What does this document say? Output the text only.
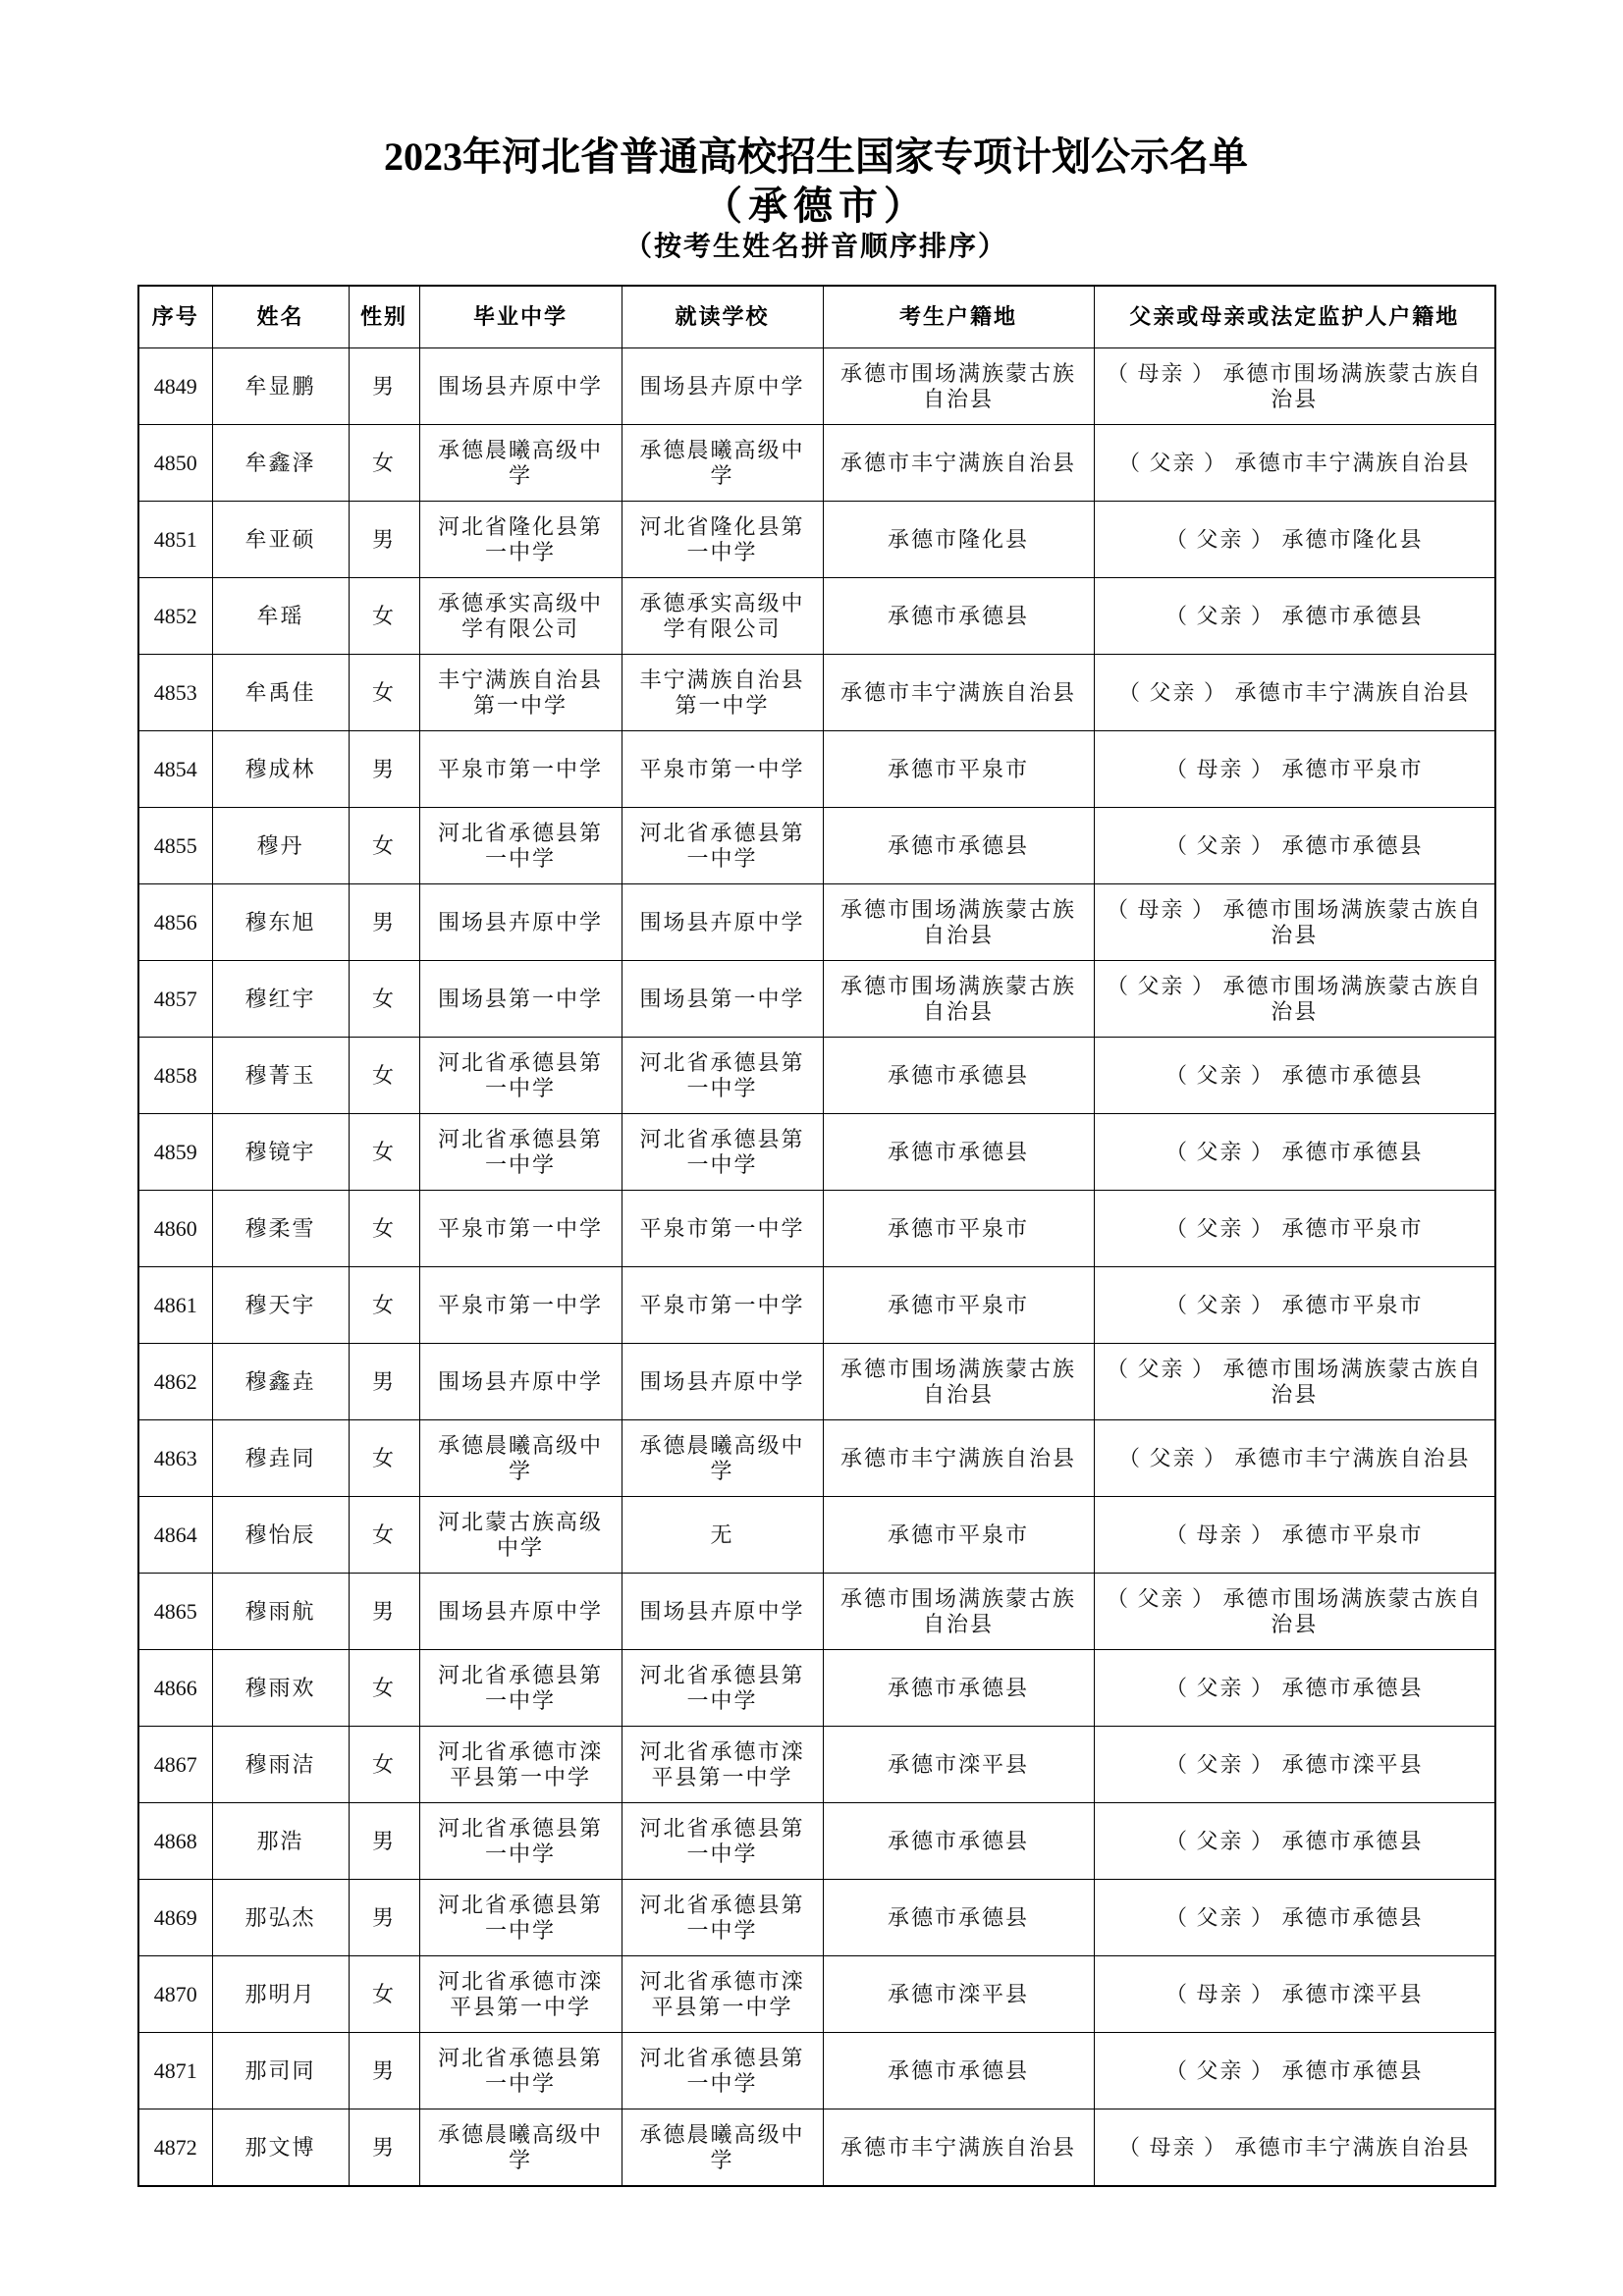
2023年河北省普通高校招生国家专项计划公示名单
（承德市）
（按考生姓名拼音顺序排序）
序号	姓名	性别	毕业中学	就读学校	考生户籍地	父亲或母亲或法定监护人户籍地
4849	牟显鹏	男	围场县卉原中学	围场县卉原中学	承德市围场满族蒙古族自治县	（ 母亲 ） 承德市围场满族蒙古族自治县
4850	牟鑫泽	女	承德晨曦高级中学	承德晨曦高级中学	承德市丰宁满族自治县	（ 父亲 ） 承德市丰宁满族自治县
4851	牟亚硕	男	河北省隆化县第一中学	河北省隆化县第一中学	承德市隆化县	（ 父亲 ） 承德市隆化县
4852	牟瑶	女	承德承实高级中学有限公司	承德承实高级中学有限公司	承德市承德县	（ 父亲 ） 承德市承德县
4853	牟禹佳	女	丰宁满族自治县第一中学	丰宁满族自治县第一中学	承德市丰宁满族自治县	（ 父亲 ） 承德市丰宁满族自治县
4854	穆成林	男	平泉市第一中学	平泉市第一中学	承德市平泉市	（ 母亲 ） 承德市平泉市
4855	穆丹	女	河北省承德县第一中学	河北省承德县第一中学	承德市承德县	（ 父亲 ） 承德市承德县
4856	穆东旭	男	围场县卉原中学	围场县卉原中学	承德市围场满族蒙古族自治县	（ 母亲 ） 承德市围场满族蒙古族自治县
4857	穆红宇	女	围场县第一中学	围场县第一中学	承德市围场满族蒙古族自治县	（ 父亲 ） 承德市围场满族蒙古族自治县
4858	穆菁玉	女	河北省承德县第一中学	河北省承德县第一中学	承德市承德县	（ 父亲 ） 承德市承德县
4859	穆镜宇	女	河北省承德县第一中学	河北省承德县第一中学	承德市承德县	（ 父亲 ） 承德市承德县
4860	穆柔雪	女	平泉市第一中学	平泉市第一中学	承德市平泉市	（ 父亲 ） 承德市平泉市
4861	穆天宇	女	平泉市第一中学	平泉市第一中学	承德市平泉市	（ 父亲 ） 承德市平泉市
4862	穆鑫垚	男	围场县卉原中学	围场县卉原中学	承德市围场满族蒙古族自治县	（ 父亲 ） 承德市围场满族蒙古族自治县
4863	穆垚同	女	承德晨曦高级中学	承德晨曦高级中学	承德市丰宁满族自治县	（ 父亲 ） 承德市丰宁满族自治县
4864	穆怡辰	女	河北蒙古族高级中学	无	承德市平泉市	（ 母亲 ） 承德市平泉市
4865	穆雨航	男	围场县卉原中学	围场县卉原中学	承德市围场满族蒙古族自治县	（ 父亲 ） 承德市围场满族蒙古族自治县
4866	穆雨欢	女	河北省承德县第一中学	河北省承德县第一中学	承德市承德县	（ 父亲 ） 承德市承德县
4867	穆雨洁	女	河北省承德市滦平县第一中学	河北省承德市滦平县第一中学	承德市滦平县	（ 父亲 ） 承德市滦平县
4868	那浩	男	河北省承德县第一中学	河北省承德县第一中学	承德市承德县	（ 父亲 ） 承德市承德县
4869	那弘杰	男	河北省承德县第一中学	河北省承德县第一中学	承德市承德县	（ 父亲 ） 承德市承德县
4870	那明月	女	河北省承德市滦平县第一中学	河北省承德市滦平县第一中学	承德市滦平县	（ 母亲 ） 承德市滦平县
4871	那司同	男	河北省承德县第一中学	河北省承德县第一中学	承德市承德县	（ 父亲 ） 承德市承德县
4872	那文博	男	承德晨曦高级中学	承德晨曦高级中学	承德市丰宁满族自治县	（ 母亲 ） 承德市丰宁满族自治县
